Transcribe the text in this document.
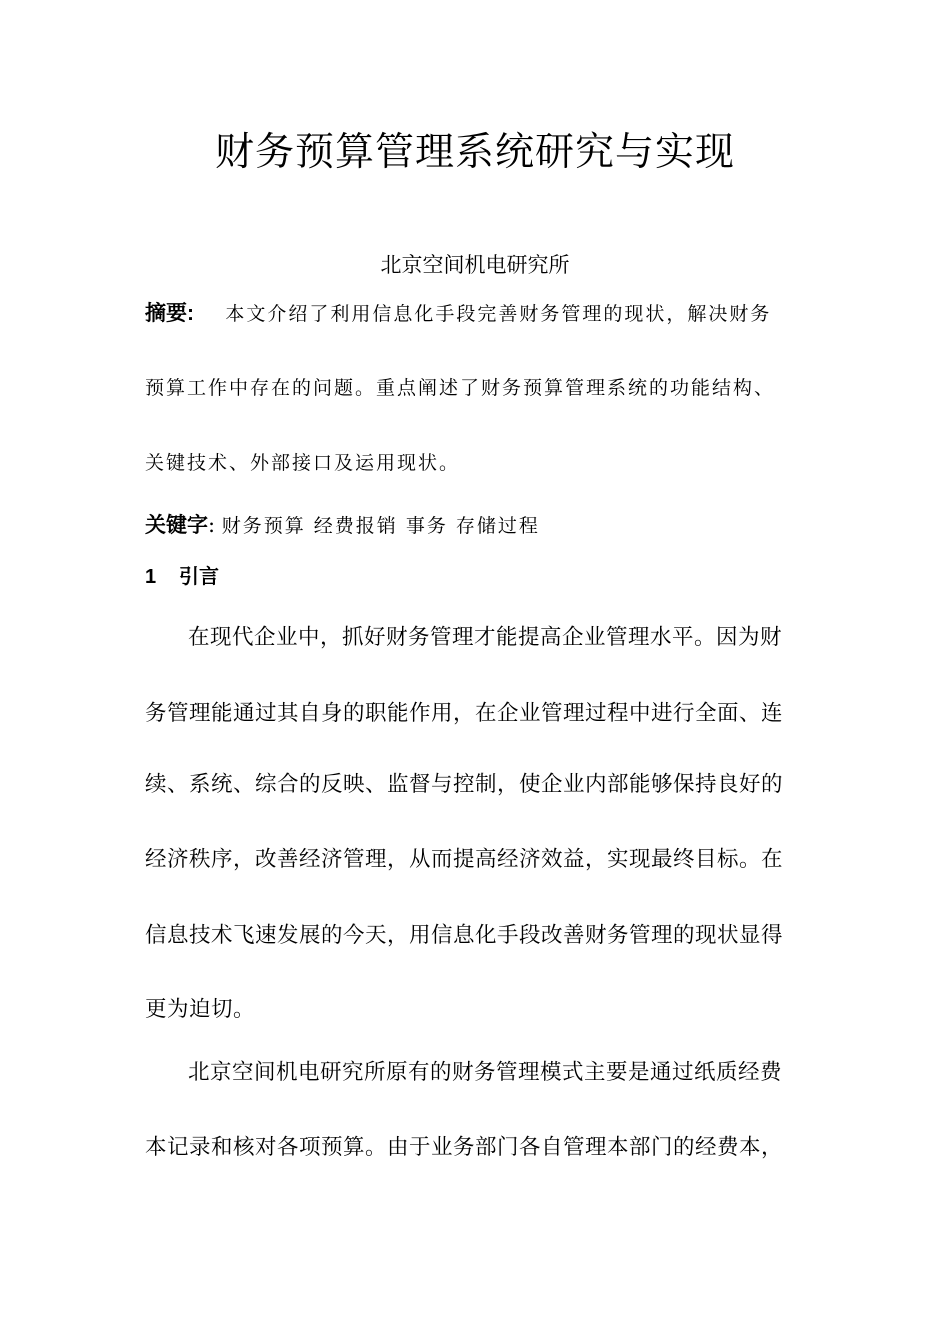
财务预算管理系统研究与实现
北京空间机电研究所
摘要: 本文介绍了利用信息化手段完善财务管理的现状，解决财务
预算工作中存在的问题。重点阐述了财务预算管理系统的功能结构、
关键技术、外部接口及运用现状。
关键字: 财务预算 经费报销 事务 存储过程
1 引言
在现代企业中，抓好财务管理才能提高企业管理水平。因为财
务管理能通过其自身的职能作用，在企业管理过程中进行全面、连
续、系统、综合的反映、监督与控制，使企业内部能够保持良好的
经济秩序，改善经济管理，从而提高经济效益，实现最终目标。在
信息技术飞速发展的今天，用信息化手段改善财务管理的现状显得
更为迫切。
北京空间机电研究所原有的财务管理模式主要是通过纸质经费
本记录和核对各项预算。由于业务部门各自管理本部门的经费本，
